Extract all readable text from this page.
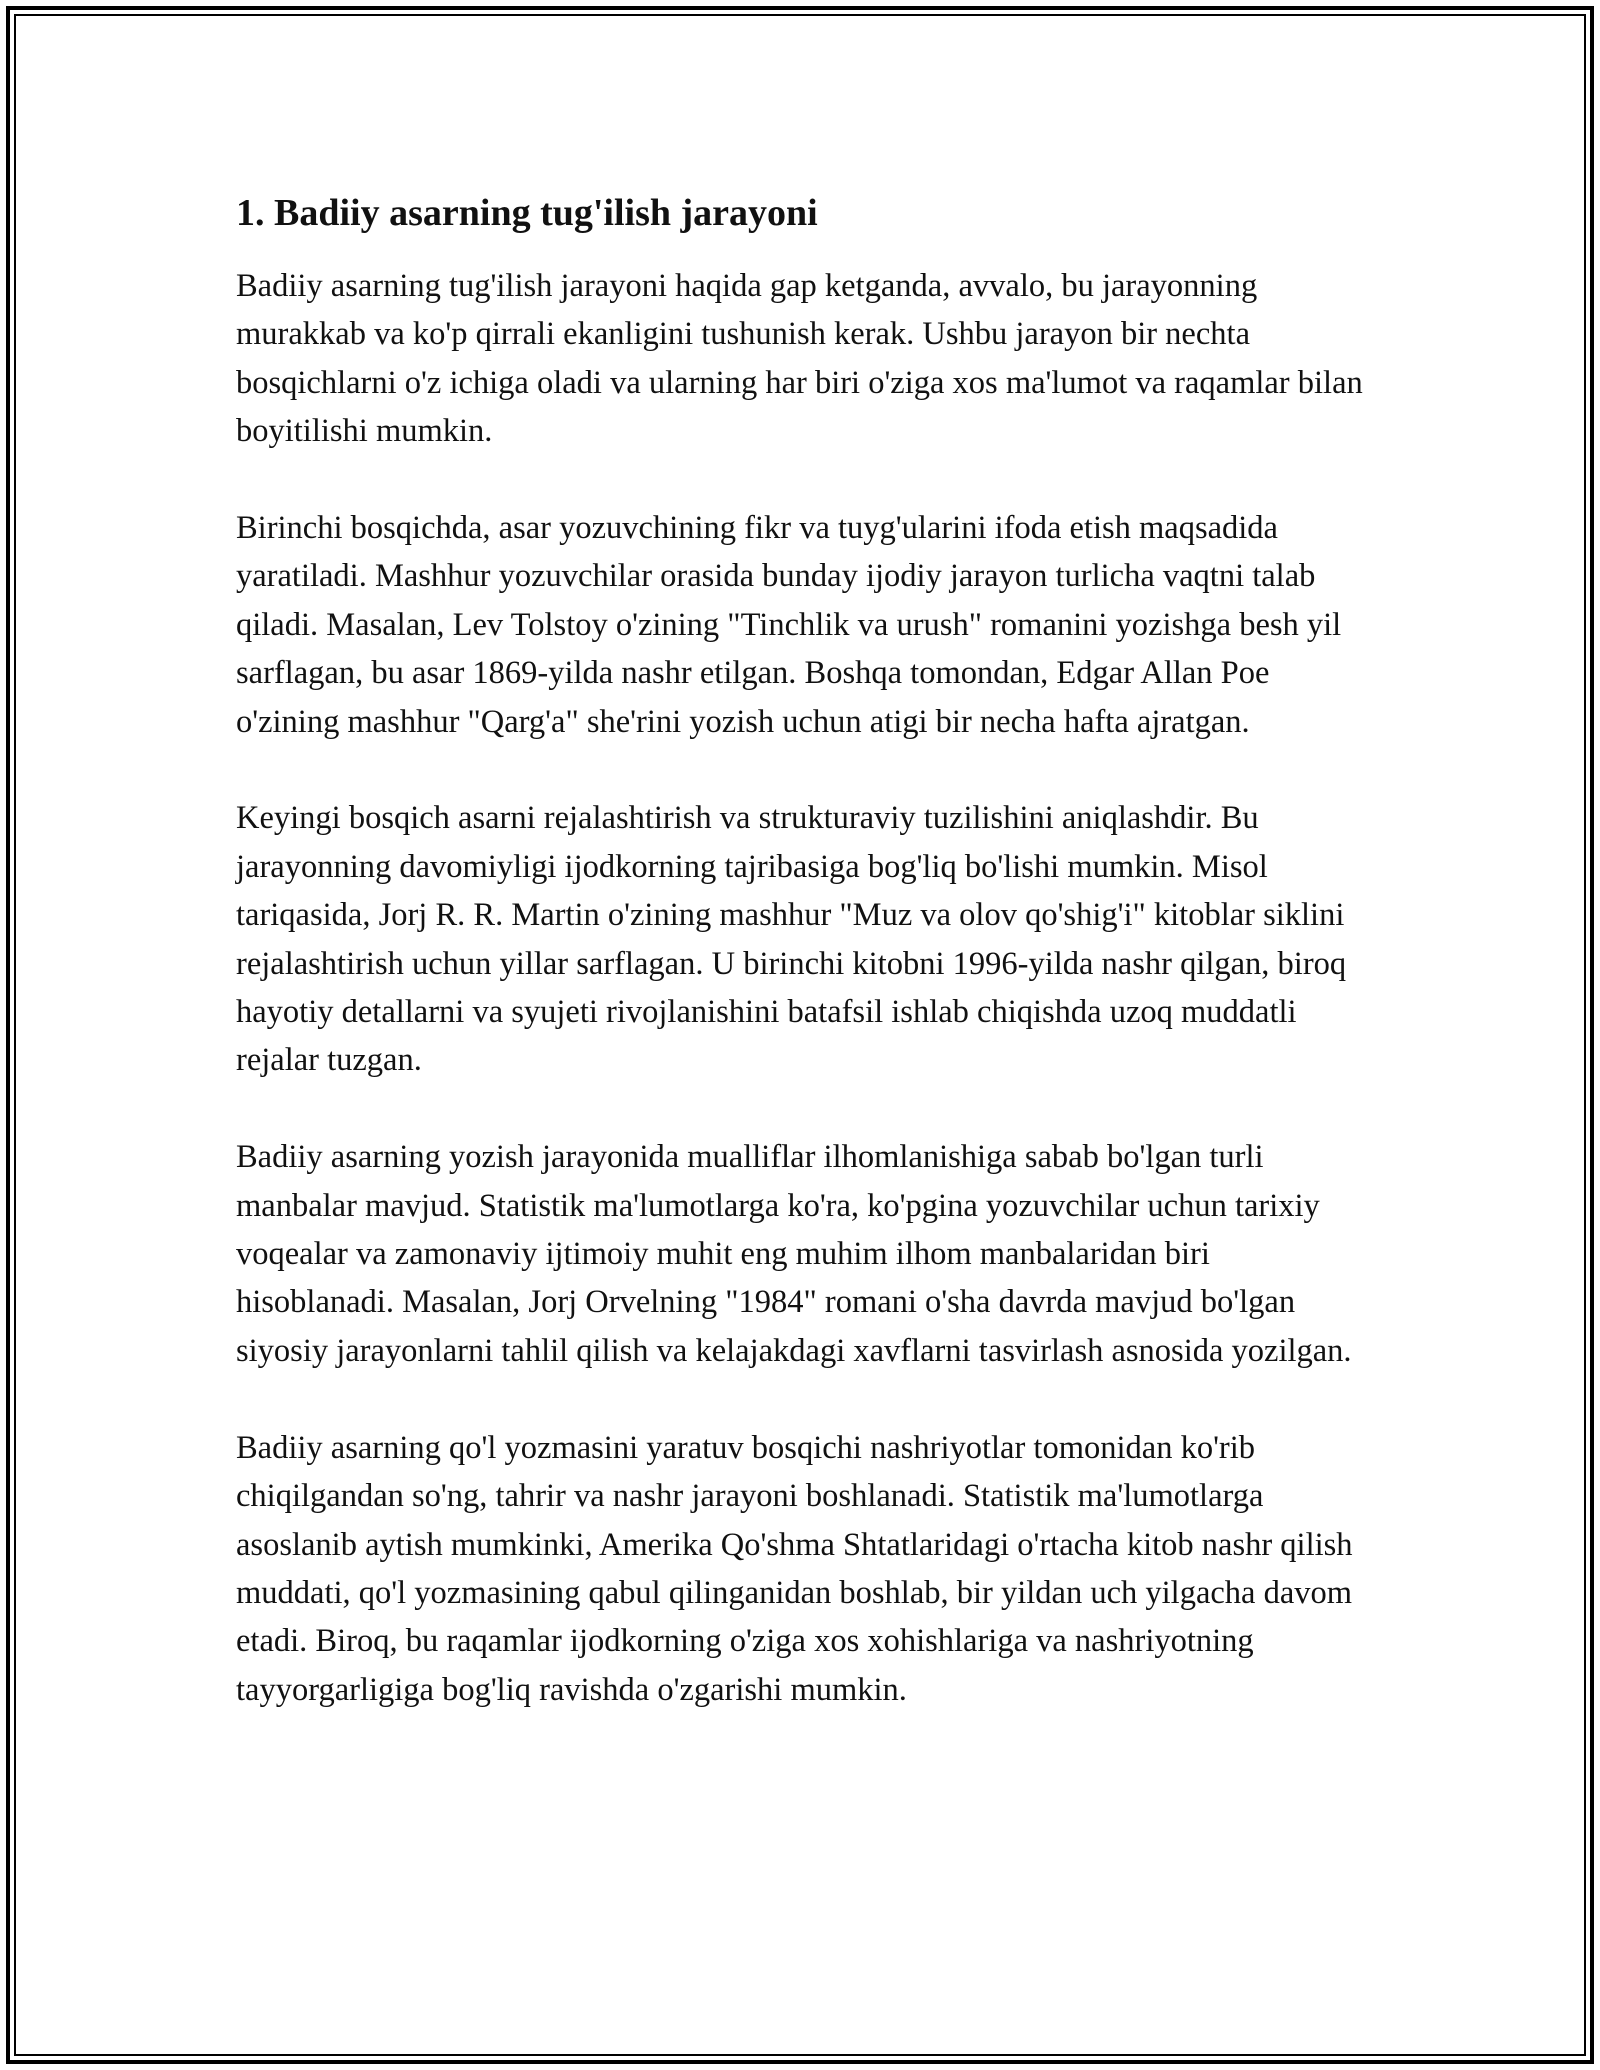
1. Badiiy asarning tug'ilish jarayoni

Badiiy asarning tug'ilish jarayoni haqida gap ketganda, avvalo, bu jarayonning murakkab va ko'p qirrali ekanligini tushunish kerak. Ushbu jarayon bir nechta bosqichlarni o'z ichiga oladi va ularning har biri o'ziga xos ma'lumot va raqamlar bilan boyitilishi mumkin.

Birinchi bosqichda, asar yozuvchining fikr va tuyg'ularini ifoda etish maqsadida yaratiladi. Mashhur yozuvchilar orasida bunday ijodiy jarayon turlicha vaqtni talab qiladi. Masalan, Lev Tolstoy o'zining "Tinchlik va urush" romanini yozishga besh yil sarflagan, bu asar 1869-yilda nashr etilgan. Boshqa tomondan, Edgar Allan Poe o'zining mashhur "Qarg'a" she'rini yozish uchun atigi bir necha hafta ajratgan.

Keyingi bosqich asarni rejalashtirish va strukturaviy tuzilishini aniqlashdir. Bu jarayonning davomiyligi ijodkorning tajribasiga bog'liq bo'lishi mumkin. Misol tariqasida, Jorj R. R. Martin o'zining mashhur "Muz va olov qo'shig'i" kitoblar siklini rejalashtirish uchun yillar sarflagan. U birinchi kitobni 1996-yilda nashr qilgan, biroq hayotiy detallarni va syujeti rivojlanishini batafsil ishlab chiqishda uzoq muddatli rejalar tuzgan.

Badiiy asarning yozish jarayonida mualliflar ilhomlanishiga sabab bo'lgan turli manbalar mavjud. Statistik ma'lumotlarga ko'ra, ko'pgina yozuvchilar uchun tarixiy voqealar va zamonaviy ijtimoiy muhit eng muhim ilhom manbalaridan biri hisoblanadi. Masalan, Jorj Orvelning "1984" romani o'sha davrda mavjud bo'lgan siyosiy jarayonlarni tahlil qilish va kelajakdagi xavflarni tasvirlash asnosida yozilgan.

Badiiy asarning qo'l yozmasini yaratuv bosqichi nashriyotlar tomonidan ko'rib chiqilgandan so'ng, tahrir va nashr jarayoni boshlanadi. Statistik ma'lumotlarga asoslanib aytish mumkinki, Amerika Qo'shma Shtatlaridagi o'rtacha kitob nashr qilish muddati, qo'l yozmasining qabul qilinganidan boshlab, bir yildan uch yilgacha davom etadi. Biroq, bu raqamlar ijodkorning o'ziga xos xohishlariga va nashriyotning tayyorgarligiga bog'liq ravishda o'zgarishi mumkin.
